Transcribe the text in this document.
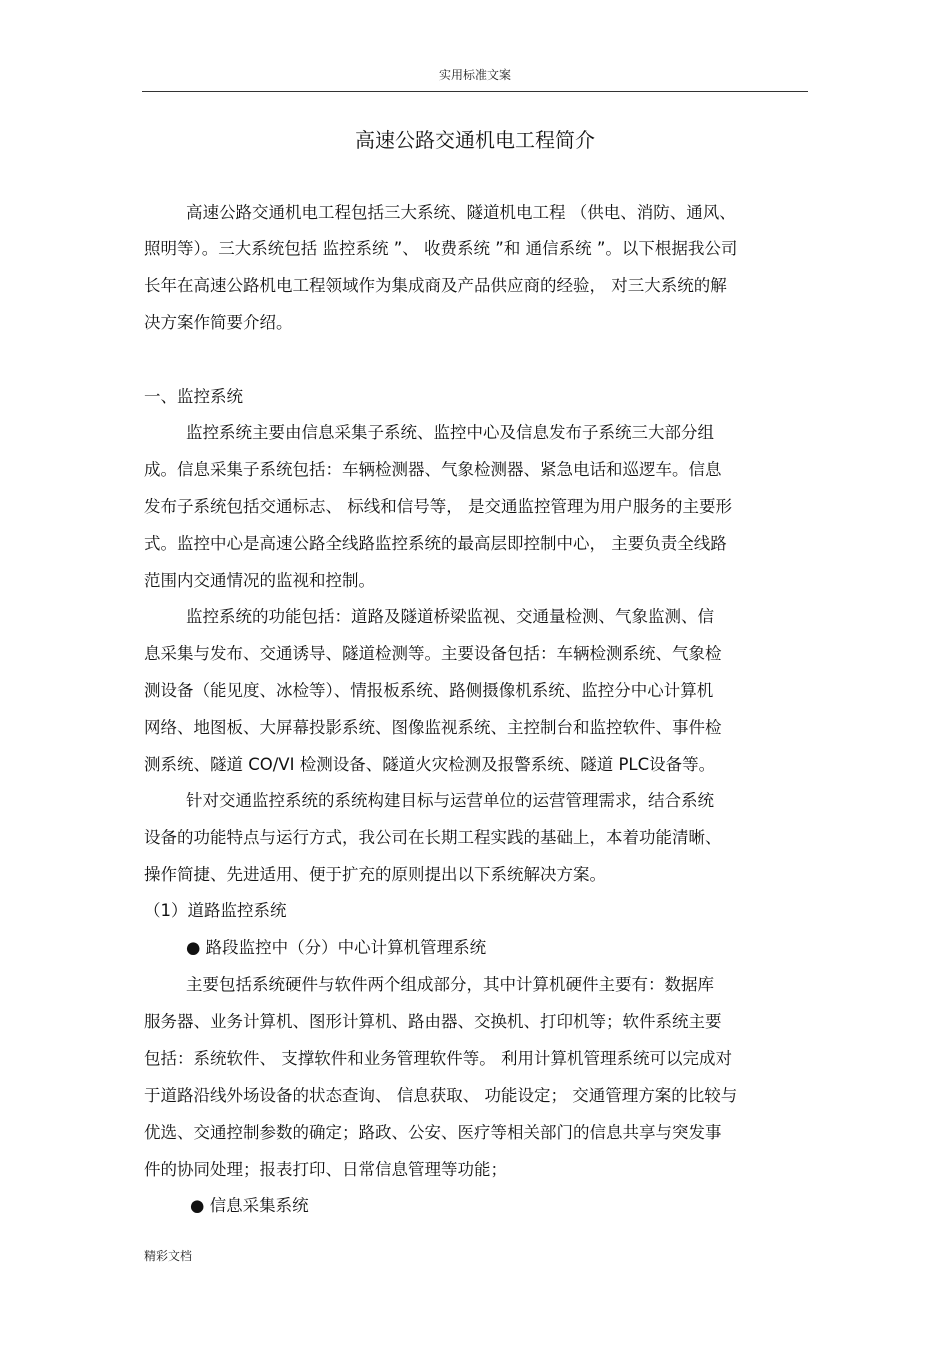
实用标准文案
高速公路交通机电工程简介
高速公路交通机电工程包括三大系统、隧道机电工程 （供电、消防、通风、
照明等）。三大系统包括 监控系统 ”、 收费系统 ”和 通信系统 ”。以下根据我公司
长年在高速公路机电工程领域作为集成商及产品供应商的经验， 对三大系统的解
决方案作简要介绍。
一、监控系统
监控系统主要由信息采集子系统、监控中心及信息发布子系统三大部分组
成。信息采集子系统包括：车辆检测器、气象检测器、紧急电话和巡逻车。信息
发布子系统包括交通标志、 标线和信号等， 是交通监控管理为用户服务的主要形
式。监控中心是高速公路全线路监控系统的最高层即控制中心， 主要负责全线路
范围内交通情况的监视和控制。
监控系统的功能包括：道路及隧道桥梁监视、交通量检测、气象监测、信
息采集与发布、交通诱导、隧道检测等。主要设备包括：车辆检测系统、气象检
测设备（能见度、冰检等）、情报板系统、路侧摄像机系统、监控分中心计算机
网络、地图板、大屏幕投影系统、图像监视系统、主控制台和监控软件、事件检
测系统、隧道 CO/VI 检测设备、隧道火灾检测及报警系统、隧道 PLC设备等。
针对交通监控系统的系统构建目标与运营单位的运营管理需求，结合系统
设备的功能特点与运行方式，我公司在长期工程实践的基础上，本着功能清晰、
操作简捷、先进适用、便于扩充的原则提出以下系统解决方案。
（1）道路监控系统
● 路段监控中（分）中心计算机管理系统
主要包括系统硬件与软件两个组成部分，其中计算机硬件主要有：数据库
服务器、业务计算机、图形计算机、路由器、交换机、打印机等；软件系统主要
包括：系统软件、 支撑软件和业务管理软件等。 利用计算机管理系统可以完成对
于道路沿线外场设备的状态查询、 信息获取、 功能设定； 交通管理方案的比较与
优选、交通控制参数的确定；路政、公安、医疗等相关部门的信息共享与突发事
件的协同处理；报表打印、日常信息管理等功能；
● 信息采集系统
精彩文档
